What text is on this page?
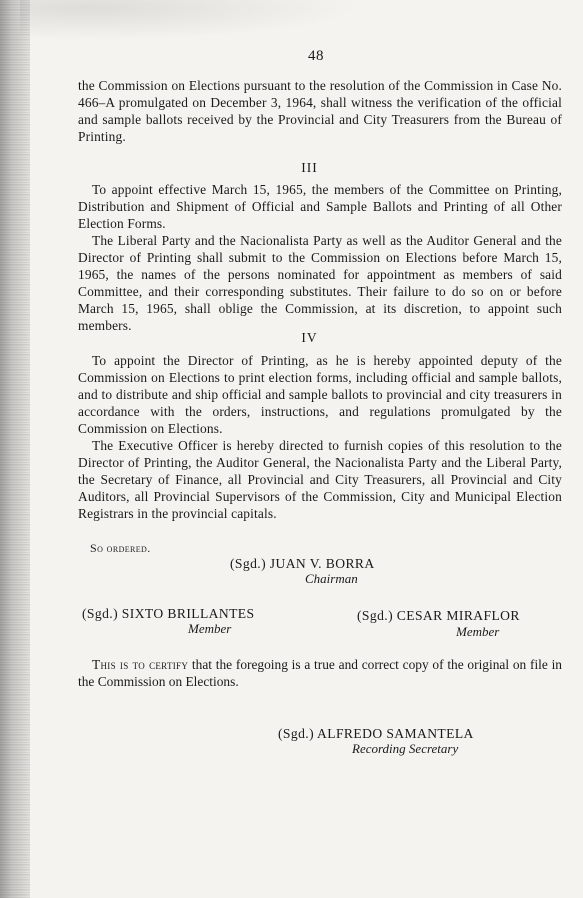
48

the Commission on Elections pursuant to the resolution of the Commission in Case No. 466–A promulgated on December 3, 1964, shall witness the verification of the official and sample ballots received by the Provincial and City Treasurers from the Bureau of Printing.

III

To appoint effective March 15, 1965, the members of the Committee on Printing, Distribution and Shipment of Official and Sample Ballots and Printing of all Other Election Forms.

The Liberal Party and the Nacionalista Party as well as the Auditor General and the Director of Printing shall submit to the Commission on Elections before March 15, 1965, the names of the persons nominated for appointment as members of said Committee, and their corresponding substitutes. Their failure to do so on or before March 15, 1965, shall oblige the Commission, at its discretion, to appoint such members.

IV

To appoint the Director of Printing, as he is hereby appointed deputy of the Commission on Elections to print election forms, including official and sample ballots, and to distribute and ship official and sample ballots to provincial and city treasurers in accordance with the orders, instructions, and regulations promulgated by the Commission on Elections.

The Executive Officer is hereby directed to furnish copies of this resolution to the Director of Printing, the Auditor General, the Nacionalista Party and the Liberal Party, the Secretary of Finance, all Provincial and City Treasurers, all Provincial and City Auditors, all Provincial Supervisors of the Commission, City and Municipal Election Registrars in the provincial capitals.

So ordered.
(Sgd.) JUAN V. BORRA
Chairman
(Sgd.) SIXTO BRILLANTES
Member
(Sgd.) CESAR MIRAFLOR
Member

This is to certify that the foregoing is a true and correct copy of the original on file in the Commission on Elections.

(Sgd.) ALFREDO SAMANTELA
Recording Secretary
